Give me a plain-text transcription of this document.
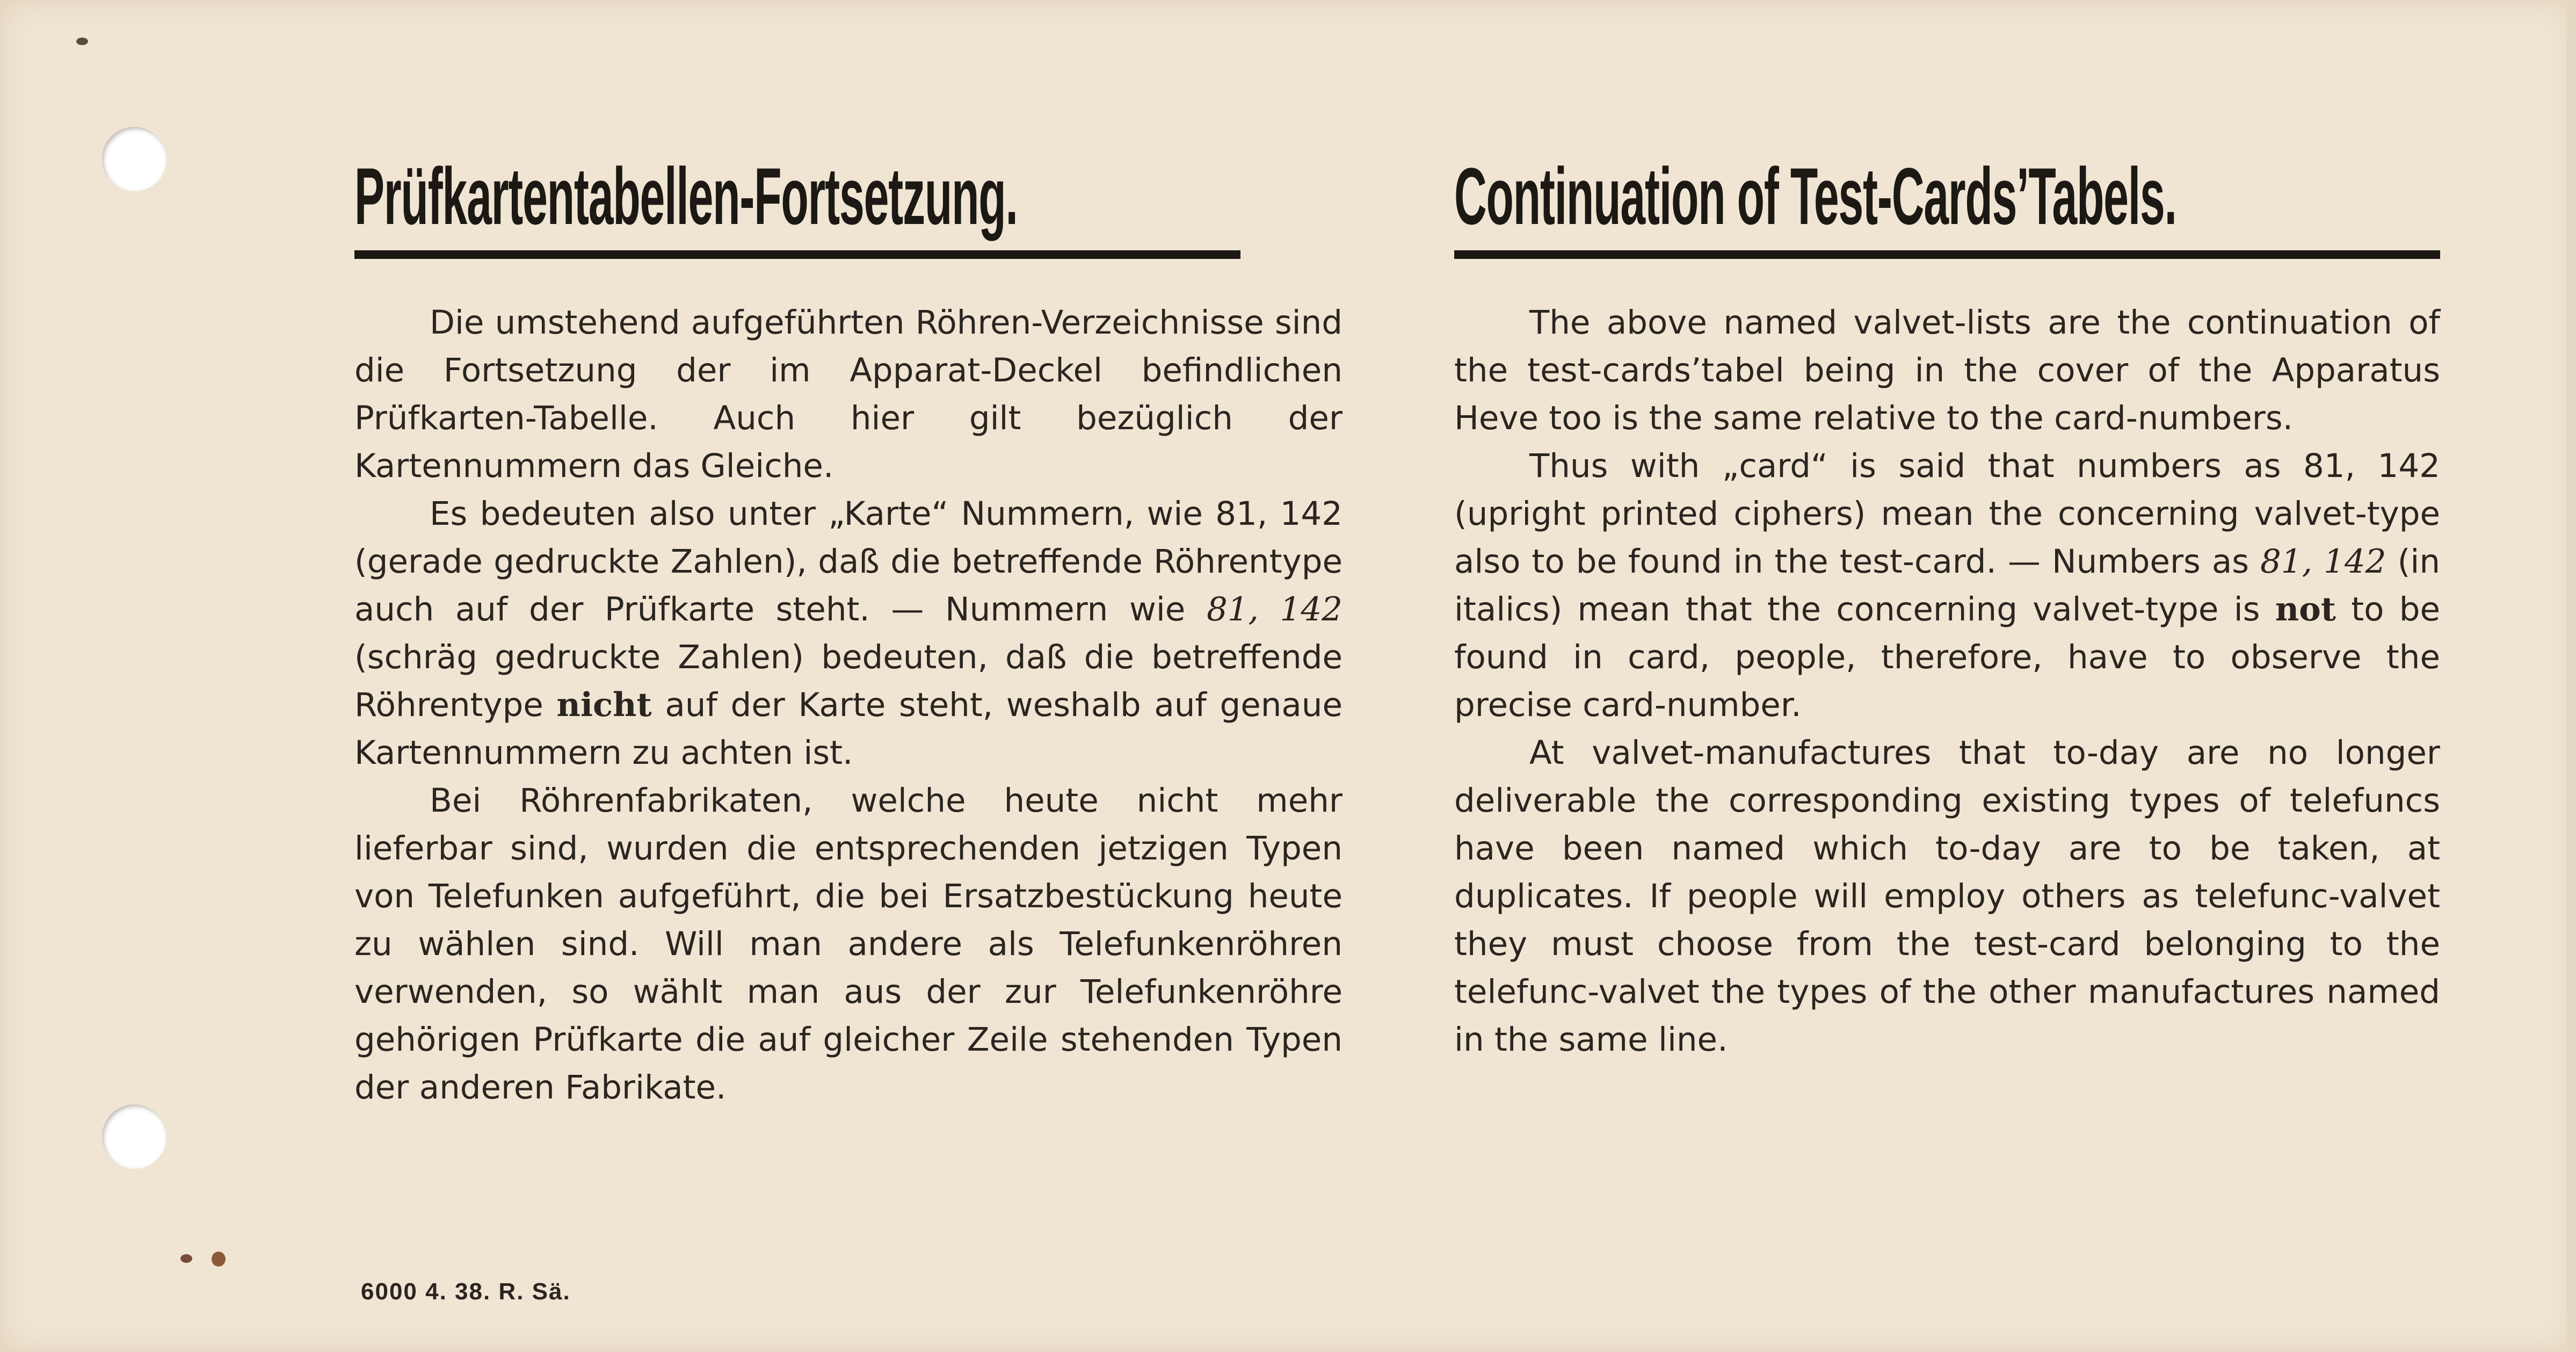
Prüfkartentabellen-Fortsetzung.

Die umstehend aufgeführten Röhren-Verzeichnisse sind die Fortsetzung der im Apparat-Deckel befindlichen Prüfkarten-Tabelle. Auch hier gilt bezüglich der Kartennummern das Gleiche.

Es bedeuten also unter „Karte“ Nummern, wie 81, 142 (gerade gedruckte Zahlen), daß die betreffende Röhrentype auch auf der Prüfkarte steht. — Nummern wie 81, 142 (schräg gedruckte Zahlen) bedeuten, daß die betreffende Röhrentype nicht auf der Karte steht, weshalb auf genaue Kartennummern zu achten ist.

Bei Röhrenfabrikaten, welche heute nicht mehr lieferbar sind, wurden die entsprechenden jetzigen Typen von Telefunken aufgeführt, die bei Ersatzbestückung heute zu wählen sind. Will man andere als Telefunkenröhren verwenden, so wählt man aus der zur Telefunkenröhre gehörigen Prüfkarte die auf gleicher Zeile stehenden Typen der anderen Fabrikate.

Continuation of Test-Cards’Tabels.

The above named valvet-lists are the continuation of the test-cards’tabel being in the cover of the Apparatus Heve too is the same relative to the card-numbers.

Thus with „card“ is said that numbers as 81, 142 (upright printed ciphers) mean the concerning valvet-type also to be found in the test-card. — Numbers as 81, 142 (in italics) mean that the concerning valvet-type is not to be found in card, people, therefore, have to observe the precise card-number.

At valvet-manufactures that to-day are no longer deliverable the corresponding existing types of telefuncs have been named which to-day are to be taken, at duplicates. If people will employ others as telefunc-valvet they must choose from the test-card belonging to the telefunc-valvet the types of the other manufactures named in the same line.

6000 4. 38. R. Sä.
